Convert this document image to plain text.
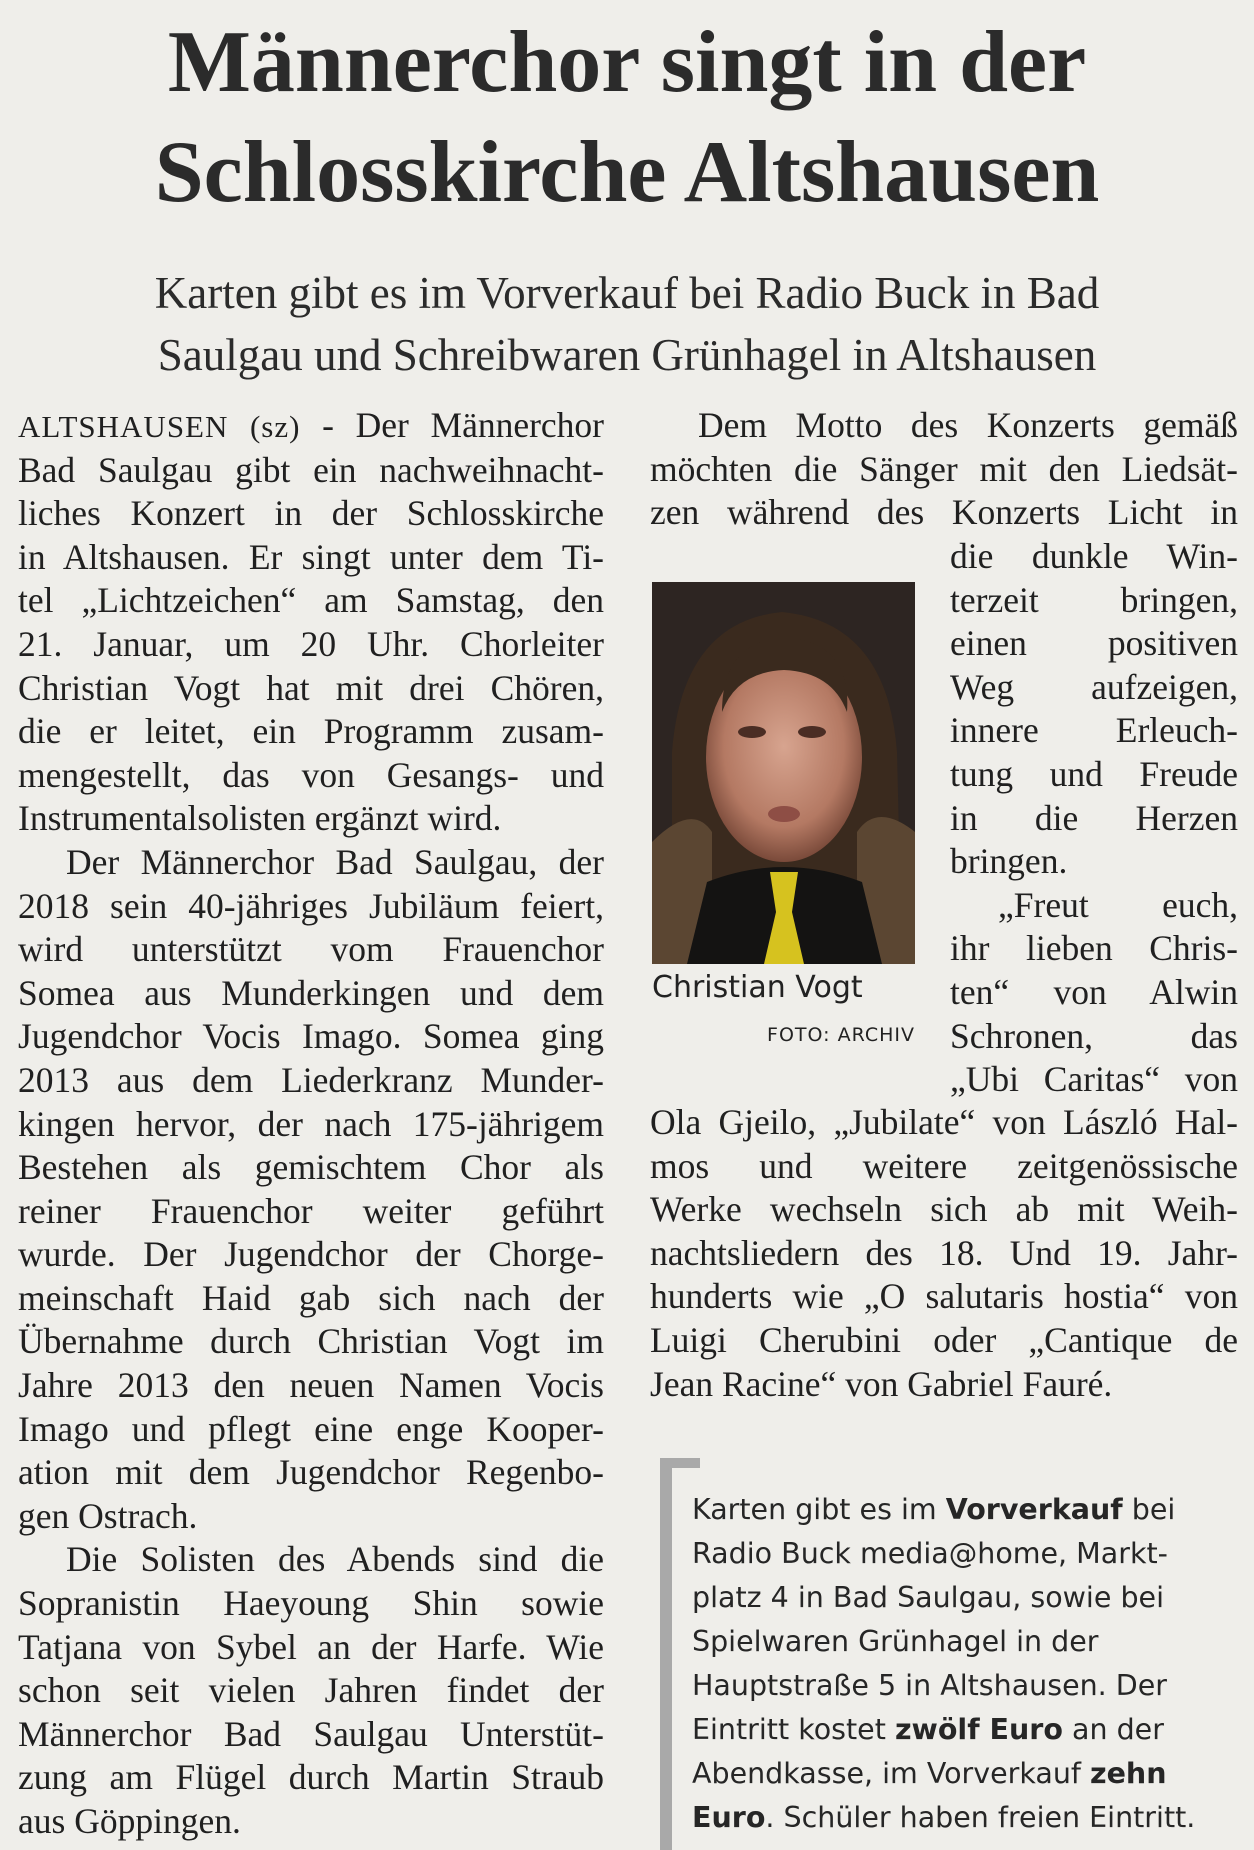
Männerchor singt in der
Schlosskirche Altshausen
Karten gibt es im Vorverkauf bei Radio Buck in Bad
Saulgau und Schreibwaren Grünhagel in Altshausen
ALTSHAUSEN (sz) - Der Männerchor
Bad Saulgau gibt ein nachweihnacht-
liches Konzert in der Schlosskirche
in Altshausen. Er singt unter dem Ti-
tel „Lichtzeichen“ am Samstag, den
21. Januar, um 20 Uhr. Chorleiter
Christian Vogt hat mit drei Chören,
die er leitet, ein Programm zusam-
mengestellt, das von Gesangs- und
Instrumentalsolisten ergänzt wird.
Der Männerchor Bad Saulgau, der
2018 sein 40-jähriges Jubiläum feiert,
wird unterstützt vom Frauenchor
Somea aus Munderkingen und dem
Jugendchor Vocis Imago. Somea ging
2013 aus dem Liederkranz Munder-
kingen hervor, der nach 175-jährigem
Bestehen als gemischtem Chor als
reiner Frauenchor weiter geführt
wurde. Der Jugendchor der Chorge-
meinschaft Haid gab sich nach der
Übernahme durch Christian Vogt im
Jahre 2013 den neuen Namen Vocis
Imago und pflegt eine enge Kooper-
ation mit dem Jugendchor Regenbo-
gen Ostrach.
Die Solisten des Abends sind die
Sopranistin Haeyoung Shin sowie
Tatjana von Sybel an der Harfe. Wie
schon seit vielen Jahren findet der
Männerchor Bad Saulgau Unterstüt-
zung am Flügel durch Martin Straub
aus Göppingen.
Dem Motto des Konzerts gemäß
möchten die Sänger mit den Liedsät-
zen während des Konzerts Licht in
die dunkle Win-
terzeit bringen,
einen positiven
Weg aufzeigen,
innere Erleuch-
tung und Freude
in die Herzen
bringen.
„Freut euch,
ihr lieben Chris-
ten“ von Alwin
Schronen, das
„Ubi Caritas“ von
Ola Gjeilo, „Jubilate“ von László Hal-
mos und weitere zeitgenössische
Werke wechseln sich ab mit Weih-
nachtsliedern des 18. Und 19. Jahr-
hunderts wie „O salutaris hostia“ von
Luigi Cherubini oder „Cantique de
Jean Racine“ von Gabriel Fauré.
Christian Vogt
FOTO: ARCHIV
Karten gibt es im Vorverkauf bei
Radio Buck media@home, Markt-
platz 4 in Bad Saulgau, sowie bei
Spielwaren Grünhagel in der
Hauptstraße 5 in Altshausen. Der
Eintritt kostet zwölf Euro an der
Abendkasse, im Vorverkauf zehn
Euro. Schüler haben freien Eintritt.
